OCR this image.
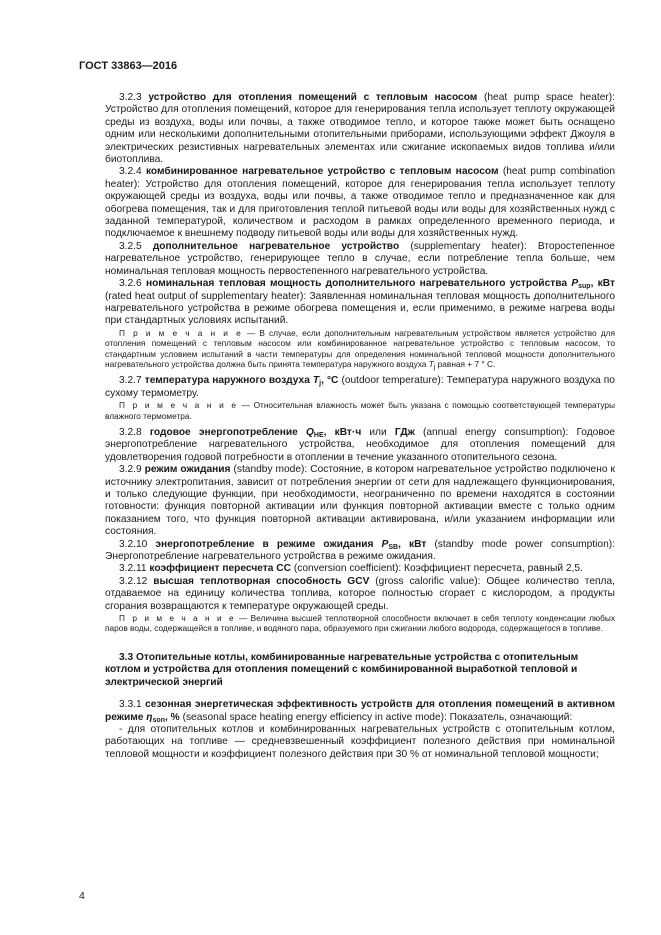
ГОСТ 33863—2016

3.2.3 устройство для отопления помещений с тепловым насосом (heat pump space heater): Устройство для отопления помещений, которое для генерирования тепла использует теплоту окружающей среды из воздуха, воды или почвы, а также отводимое тепло, и которое также может быть оснащено одним или несколькими дополнительными отопительными приборами, использующими эффект Джоуля в электрических резистивных нагревательных элементах или сжигание ископаемых видов топлива и/или биотоплива.

3.2.4 комбинированное нагревательное устройство с тепловым насосом (heat pump combination heater): Устройство для отопления помещений, которое для генерирования тепла использует теплоту окружающей среды из воздуха, воды или почвы, а также отводимое тепло и предназначенное как для обогрева помещения, так и для приготовления теплой питьевой воды или воды для хозяйственных нужд с заданной температурой, количеством и расходом в рамках определенного временного периода, и подключаемое к внешнему подводу питьевой воды или воды для хозяйственных нужд.

3.2.5 дополнительное нагревательное устройство (supplementary heater): Второстепенное нагревательное устройство, генерирующее тепло в случае, если потребление тепла больше, чем номинальная тепловая мощность первостепенного нагревательного устройства.

3.2.6 номинальная тепловая мощность дополнительного нагревательного устройства $P_{sup}$, кВт (rated heat output of supplementary heater): Заявленная номинальная тепловая мощность дополнительного нагревательного устройства в режиме обогрева помещения и, если применимо, в режиме нагрева воды при стандартных условиях испытаний.

П р и м е ч а н и е — В случае, если дополнительным нагревательным устройством является устройство для отопления помещений с тепловым насосом или комбинированное нагревательное устройство с тепловым насосом, то стандартным условием испытаний в части температуры для определения номинальной тепловой мощности дополнительного нагревательного устройства должна быть принята температура наружного воздуха $T_j$ равная + 7 ° С.

3.2.7 температура наружного воздуха $T_j$, °С (outdoor temperature): Температура наружного воздуха по сухому термометру.

П р и м е ч а н и е — Относительная влажность может быть указана с помощью соответствующей температуры влажного термометра.

3.2.8 годовое энергопотребление $Q_{HE}$, кВт·ч или ГДж (annual energy consumption): Годовое энергопотребление нагревательного устройства, необходимое для отопления помещений для удовлетворения годовой потребности в отоплении в течение указанного отопительного сезона.

3.2.9 режим ожидания (standby mode): Состояние, в котором нагревательное устройство подключено к источнику электропитания, зависит от потребления энергии от сети для надлежащего функционирования, и только следующие функции, при необходимости, неограниченно по времени находятся в состоянии готовности: функция повторной активации или функция повторной активации вместе с только одним показанием того, что функция повторной активации активирована, и/или указанием информации или состояния.

3.2.10 энергопотребление в режиме ожидания $P_{SB}$, кВт (standby mode power consumption): Энергопотребление нагревательного устройства в режиме ожидания.

3.2.11 коэффициент пересчета CC (conversion coefficient): Коэффициент пересчета, равный 2,5.

3.2.12 высшая теплотворная способность GCV (gross calorific value): Общее количество тепла, отдаваемое на единицу количества топлива, которое полностью сгорает с кислородом, а продукты сгорания возвращаются к температуре окружающей среды.

П р и м е ч а н и е — Величина высшей теплотворной способности включает в себя теплоту конденсации любых паров воды, содержащейся в топливе, и водяного пара, образуемого при сжигании любого водорода, содержащегося в топливе.

3.3 Отопительные котлы, комбинированные нагревательные устройства с отопительным котлом и устройства для отопления помещений с комбинированной выработкой тепловой и электрической энергий

3.3.1 сезонная энергетическая эффективность устройств для отопления помещений в активном режиме $\eta_{son}$, % (seasonal space heating energy efficiency in active mode): Показатель, означающий:

- для отопительных котлов и комбинированных нагревательных устройств с отопительным котлом, работающих на топливе — средневзвешенный коэффициент полезного действия при номинальной тепловой мощности и коэффициент полезного действия при 30 % от номинальной тепловой мощности;

4
